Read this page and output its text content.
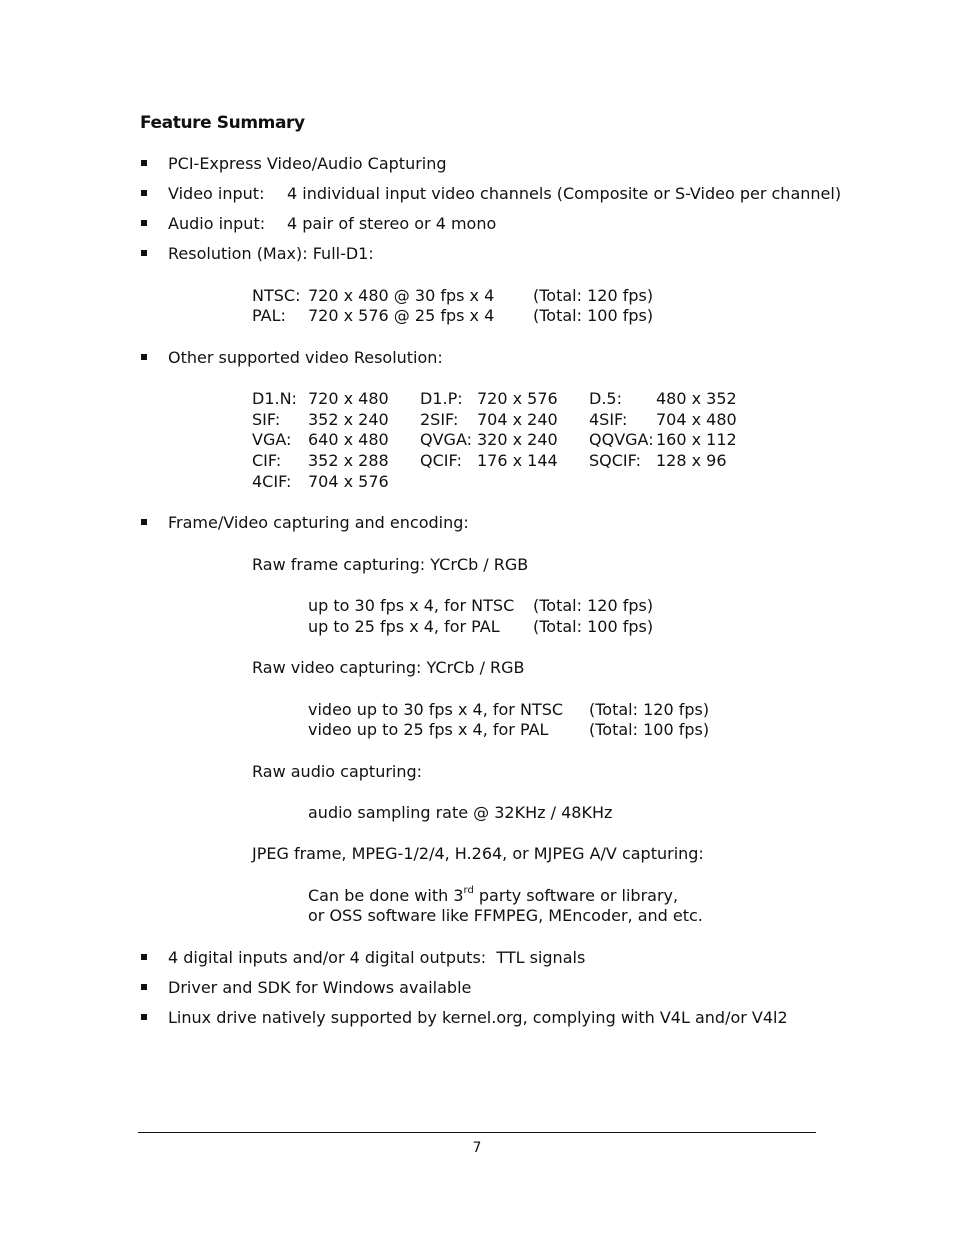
Feature Summary
PCI-Express Video/Audio Capturing
Video input: 4 individual input video channels (Composite or S-Video per channel)
Audio input: 4 pair of stereo or 4 mono
Resolution (Max): Full-D1:
NTSC: 720 x 480 @ 30 fps x 4 (Total: 120 fps)
PAL: 720 x 576 @ 25 fps x 4 (Total: 100 fps)
Other supported video Resolution:
D1.N: 720 x 480 D1.P: 720 x 576 D.5: 480 x 352
SIF: 352 x 240 2SIF: 704 x 240 4SIF: 704 x 480
VGA: 640 x 480 QVGA: 320 x 240 QQVGA: 160 x 112
CIF: 352 x 288 QCIF: 176 x 144 SQCIF: 128 x 96
4CIF: 704 x 576
Frame/Video capturing and encoding:
Raw frame capturing: YCrCb / RGB
up to 30 fps x 4, for NTSC (Total: 120 fps)
up to 25 fps x 4, for PAL (Total: 100 fps)
Raw video capturing: YCrCb / RGB
video up to 30 fps x 4, for NTSC (Total: 120 fps)
video up to 25 fps x 4, for PAL	(Total: 100 fps)
Raw audio capturing:
audio sampling rate @ 32KHz / 48KHz
JPEG frame, MPEG-1/2/4, H.264, or MJPEG A/V capturing:
Can be done with 3rd party software or library,
or OSS software like FFMPEG, MEncoder, and etc.
4 digital inputs and/or 4 digital outputs:  TTL signals
Driver and SDK for Windows available
Linux drive natively supported by kernel.org, complying with V4L and/or V4l2
7
